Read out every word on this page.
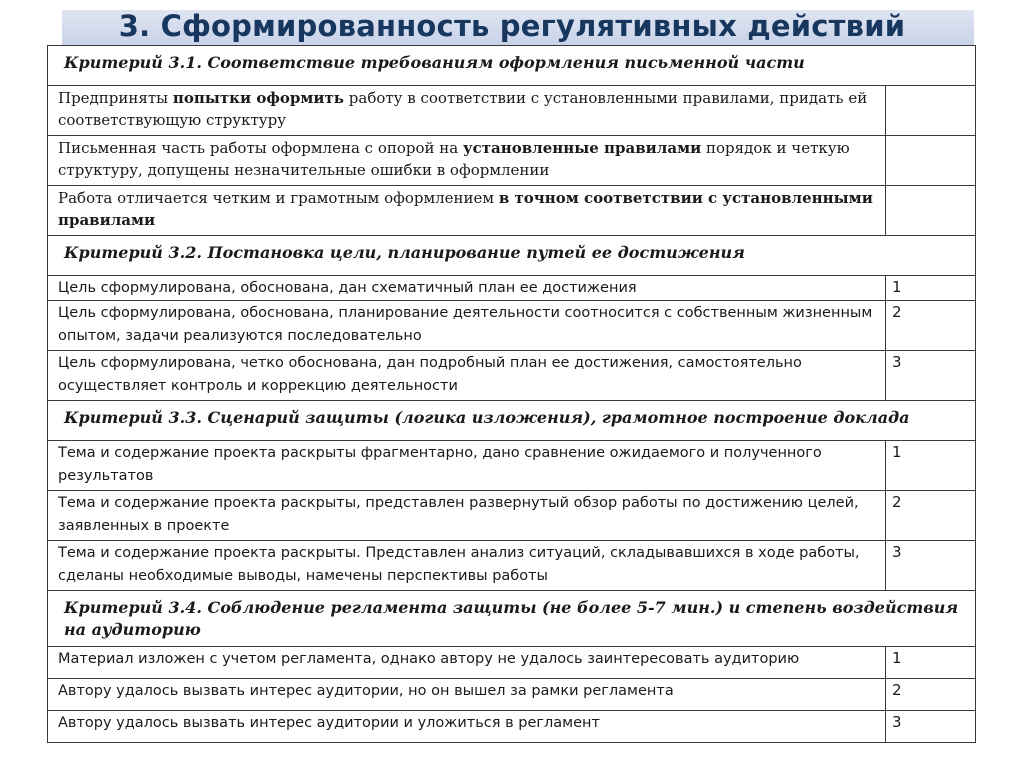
3. Сформированность регулятивных действий
Критерий 3.1. Соответствие требованиям оформления письменной части	
Предприняты попытки оформить работу в соответствии с установленными правилами, придать ей соответствующую структуру	
Письменная часть работы оформлена с опорой на установленные правилами порядок и четкую структуру, допущены незначительные ошибки в оформлении	
Работа отличается четким и грамотным оформлением в точном соответствии с установленными правилами	
Критерий 3.2. Постановка цели, планирование путей ее достижения	
Цель сформулирована, обоснована, дан схематичный план ее достижения	1
Цель сформулирована, обоснована, планирование деятельности соотносится с собственным жизненным опытом, задачи реализуются последовательно	2
Цель сформулирована, четко обоснована, дан подробный план ее достижения, самостоятельно осуществляет контроль и коррекцию деятельности	3
Критерий 3.3. Сценарий защиты (логика изложения), грамотное построение доклада	
Тема и содержание проекта раскрыты фрагментарно, дано сравнение ожидаемого и полученного результатов	1
Тема и содержание проекта раскрыты, представлен развернутый обзор работы по достижению целей, заявленных в проекте	2
Тема и содержание проекта раскрыты. Представлен анализ ситуаций, складывавшихся в ходе работы, сделаны необходимые выводы, намечены перспективы работы	3
Критерий 3.4. Соблюдение регламента защиты (не более 5-7 мин.) и степень воздействия на аудиторию	
Материал изложен с учетом регламента, однако автору не удалось заинтересовать аудиторию	1
Автору удалось вызвать интерес аудитории, но он вышел за рамки регламента	2
Автору удалось вызвать интерес аудитории и уложиться в регламент	3
